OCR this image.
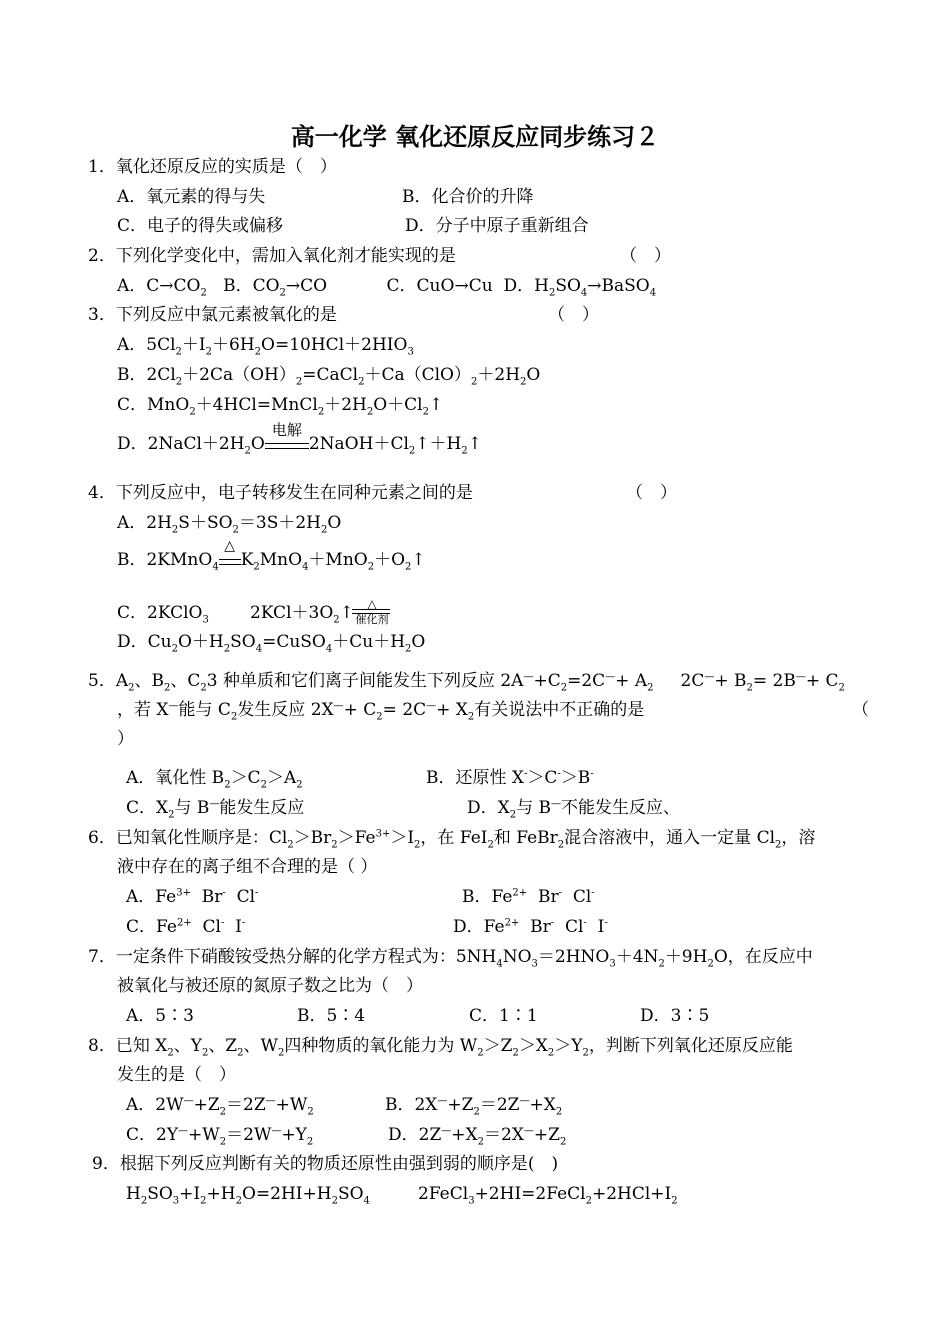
高一化学 氧化还原反应同步练习２
1．氧化还原反应的实质是（　）
A．氧元素的得与失	B．化合价的升降
C．电子的得失或偏移	D．分子中原子重新组合
2．下列化学变化中，需加入氧化剂才能实现的是	（　）
A．$C\to CO_2$ B．$CO_2\to CO$	C．CuO→Cu D．$H_2SO_4\to BaSO_4$
3．下列反应中氯元素被氧化的是	（　）
A．$5Cl_2+I_2+6H_2O=10HCl+2HIO_3$
B．$2Cl_2+2Ca(OH)_2=CaCl_2+Ca(ClO)_2+2H_2O$
C．$MnO_2+4HCl=MnCl_2+2H_2O+Cl_2↑$
D．$2NaCl+2H_2O$
电解
$2NaOH+Cl_2↑+H_2↑$
4．下列反应中，电子转移发生在同种元素之间的是	（　）
A．$2H_2S+SO_2=3S+2H_2O$
B．2KMnO$_4$
△
$K_2MnO_4+MnO_2+O_2↑$
C．2KClO$_3$
△
催化剂
$2KCl+3O_2↑$
D．$Cu_2O+H_2SO_4=CuSO_4+Cu+H_2O$
5．$A_2$、$B_2$、$C_23$ 种单质和它们离子间能发生下列反应 $2A^—+C_2=2C^—+ A_2$ $2C^—+ B_2= 2B^—+ C_2$
，若 X—能与 $C_2$发生反应 $2X^—+ C_2= 2C^—+ X_2$有关说法中不正确的是	（
）
A．氧化性 $B_2>C_2>A_2$	B．还原性 X-＞C-＞B-
C．$X_2$与 B—能发生反应	D．$X_2$与 B—不能发生反应、
6．已知氧化性顺序是：$Cl_2>Br_2>Fe^{3+}>I_2$，在 FeI$_2$和 FeBr$_2$混合溶液中，通入一定量 $Cl_2$，溶
液中存在的离子组不合理的是（ ）
A．$Fe^{3+}$ Br- Cl-	B．$Fe^{2+}$ Br- Cl-
C．$Fe^{2+}$ Cl- I-	D．$Fe^{2+}$ Br- Cl- I-
7．一定条件下硝酸铵受热分解的化学方程式为：$5NH_4NO_3=2HNO_3+4N_2+9H_2O$，在反应中
被氧化与被还原的氮原子数之比为（　）
A．5∶3	B．5∶4	C．1∶1	D．3∶5
8．已知 $X_2$、$Y_2$、$Z_2$、$W_2$四种物质的氧化能力为 $W_2>Z_2>X_2>Y_2$，判断下列氧化还原反应能
发生的是（　）
A．$2W^—+Z_2=2Z^—+W_2$	B．$2X^—+Z_2=2Z^—+X_2$
C．$2Y^—+W_2=2W^—+Y_2$	D．$2Z^—+X_2=2X^—+Z_2$
9．根据下列反应判断有关的物质还原性由强到弱的顺序是(　)
$H_2SO_3+I_2+H_2O=2HI+H_2SO_4$	$2FeCl_3+2HI=2FeCl_2+2HCl+I_2$
